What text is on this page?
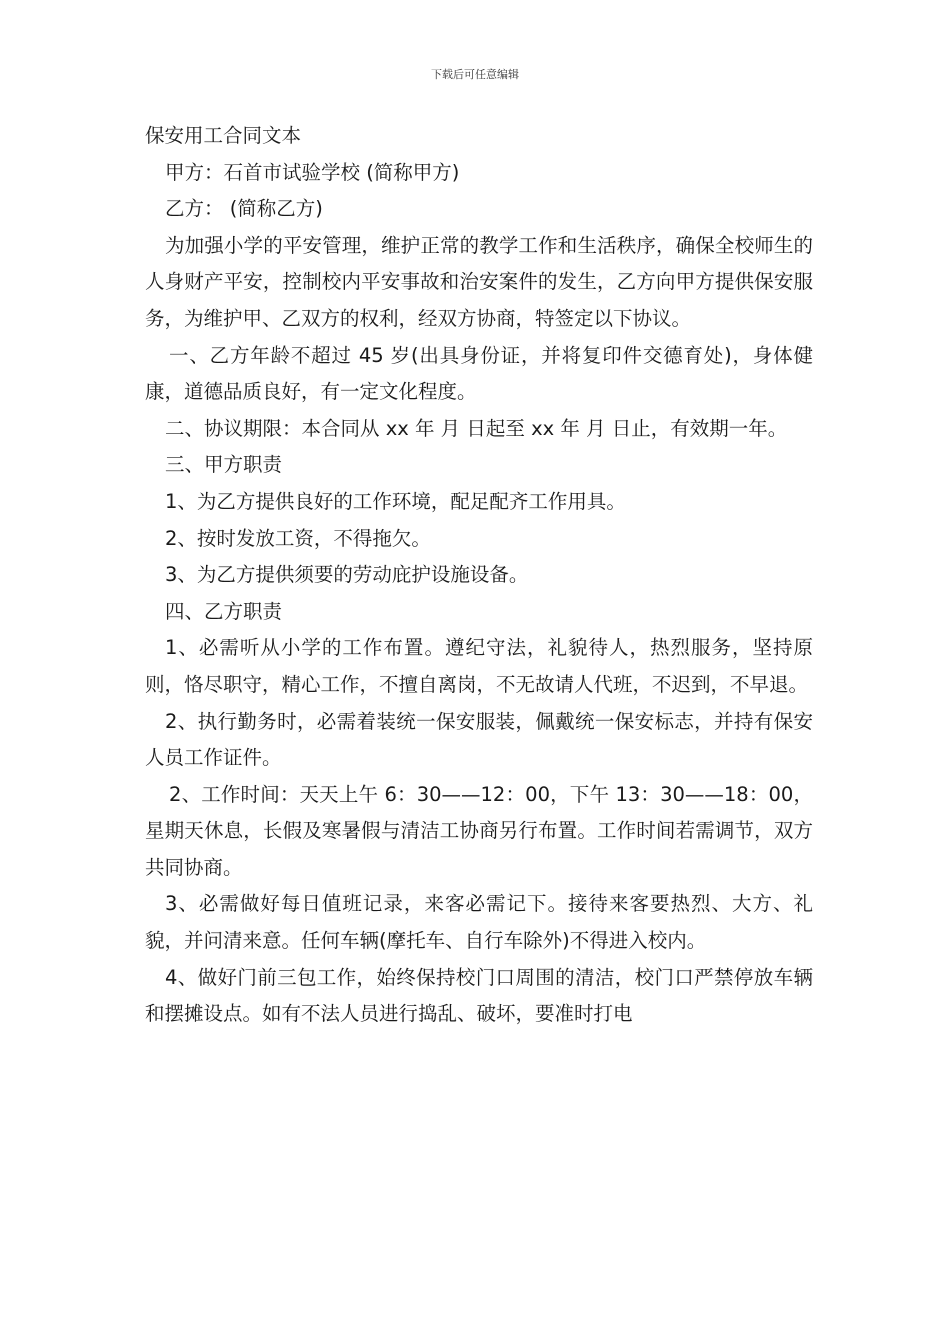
下载后可任意编辑

保安用工合同文本

甲方：石首市试验学校 (简称甲方)

乙方： (简称乙方)

为加强小学的平安管理，维护正常的教学工作和生活秩序，确保全校师生的人身财产平安，控制校内平安事故和治安案件的发生，乙方向甲方提供保安服务，为维护甲、乙双方的权利，经双方协商，特签定以下协议。

一、乙方年龄不超过 45 岁(出具身份证，并将复印件交德育处)，身体健康，道德品质良好，有一定文化程度。

二、协议期限：本合同从 xx 年 月 日起至 xx 年 月 日止，有效期一年。

三、甲方职责

1、为乙方提供良好的工作环境，配足配齐工作用具。

2、按时发放工资，不得拖欠。

3、为乙方提供须要的劳动庇护设施设备。

四、乙方职责

1、必需听从小学的工作布置。遵纪守法，礼貌待人，热烈服务，坚持原则，恪尽职守，精心工作，不擅自离岗，不无故请人代班，不迟到，不早退。

2、执行勤务时，必需着装统一保安服装，佩戴统一保安标志，并持有保安人员工作证件。

2、工作时间：天天上午 6：30——12：00，下午 13：30——18：00，星期天休息，长假及寒暑假与清洁工协商另行布置。工作时间若需调节，双方共同协商。

3、必需做好每日值班记录，来客必需记下。接待来客要热烈、大方、礼貌，并问清来意。任何车辆(摩托车、自行车除外)不得进入校内。

4、做好门前三包工作，始终保持校门口周围的清洁，校门口严禁停放车辆和摆摊设点。如有不法人员进行捣乱、破坏，要准时打电
